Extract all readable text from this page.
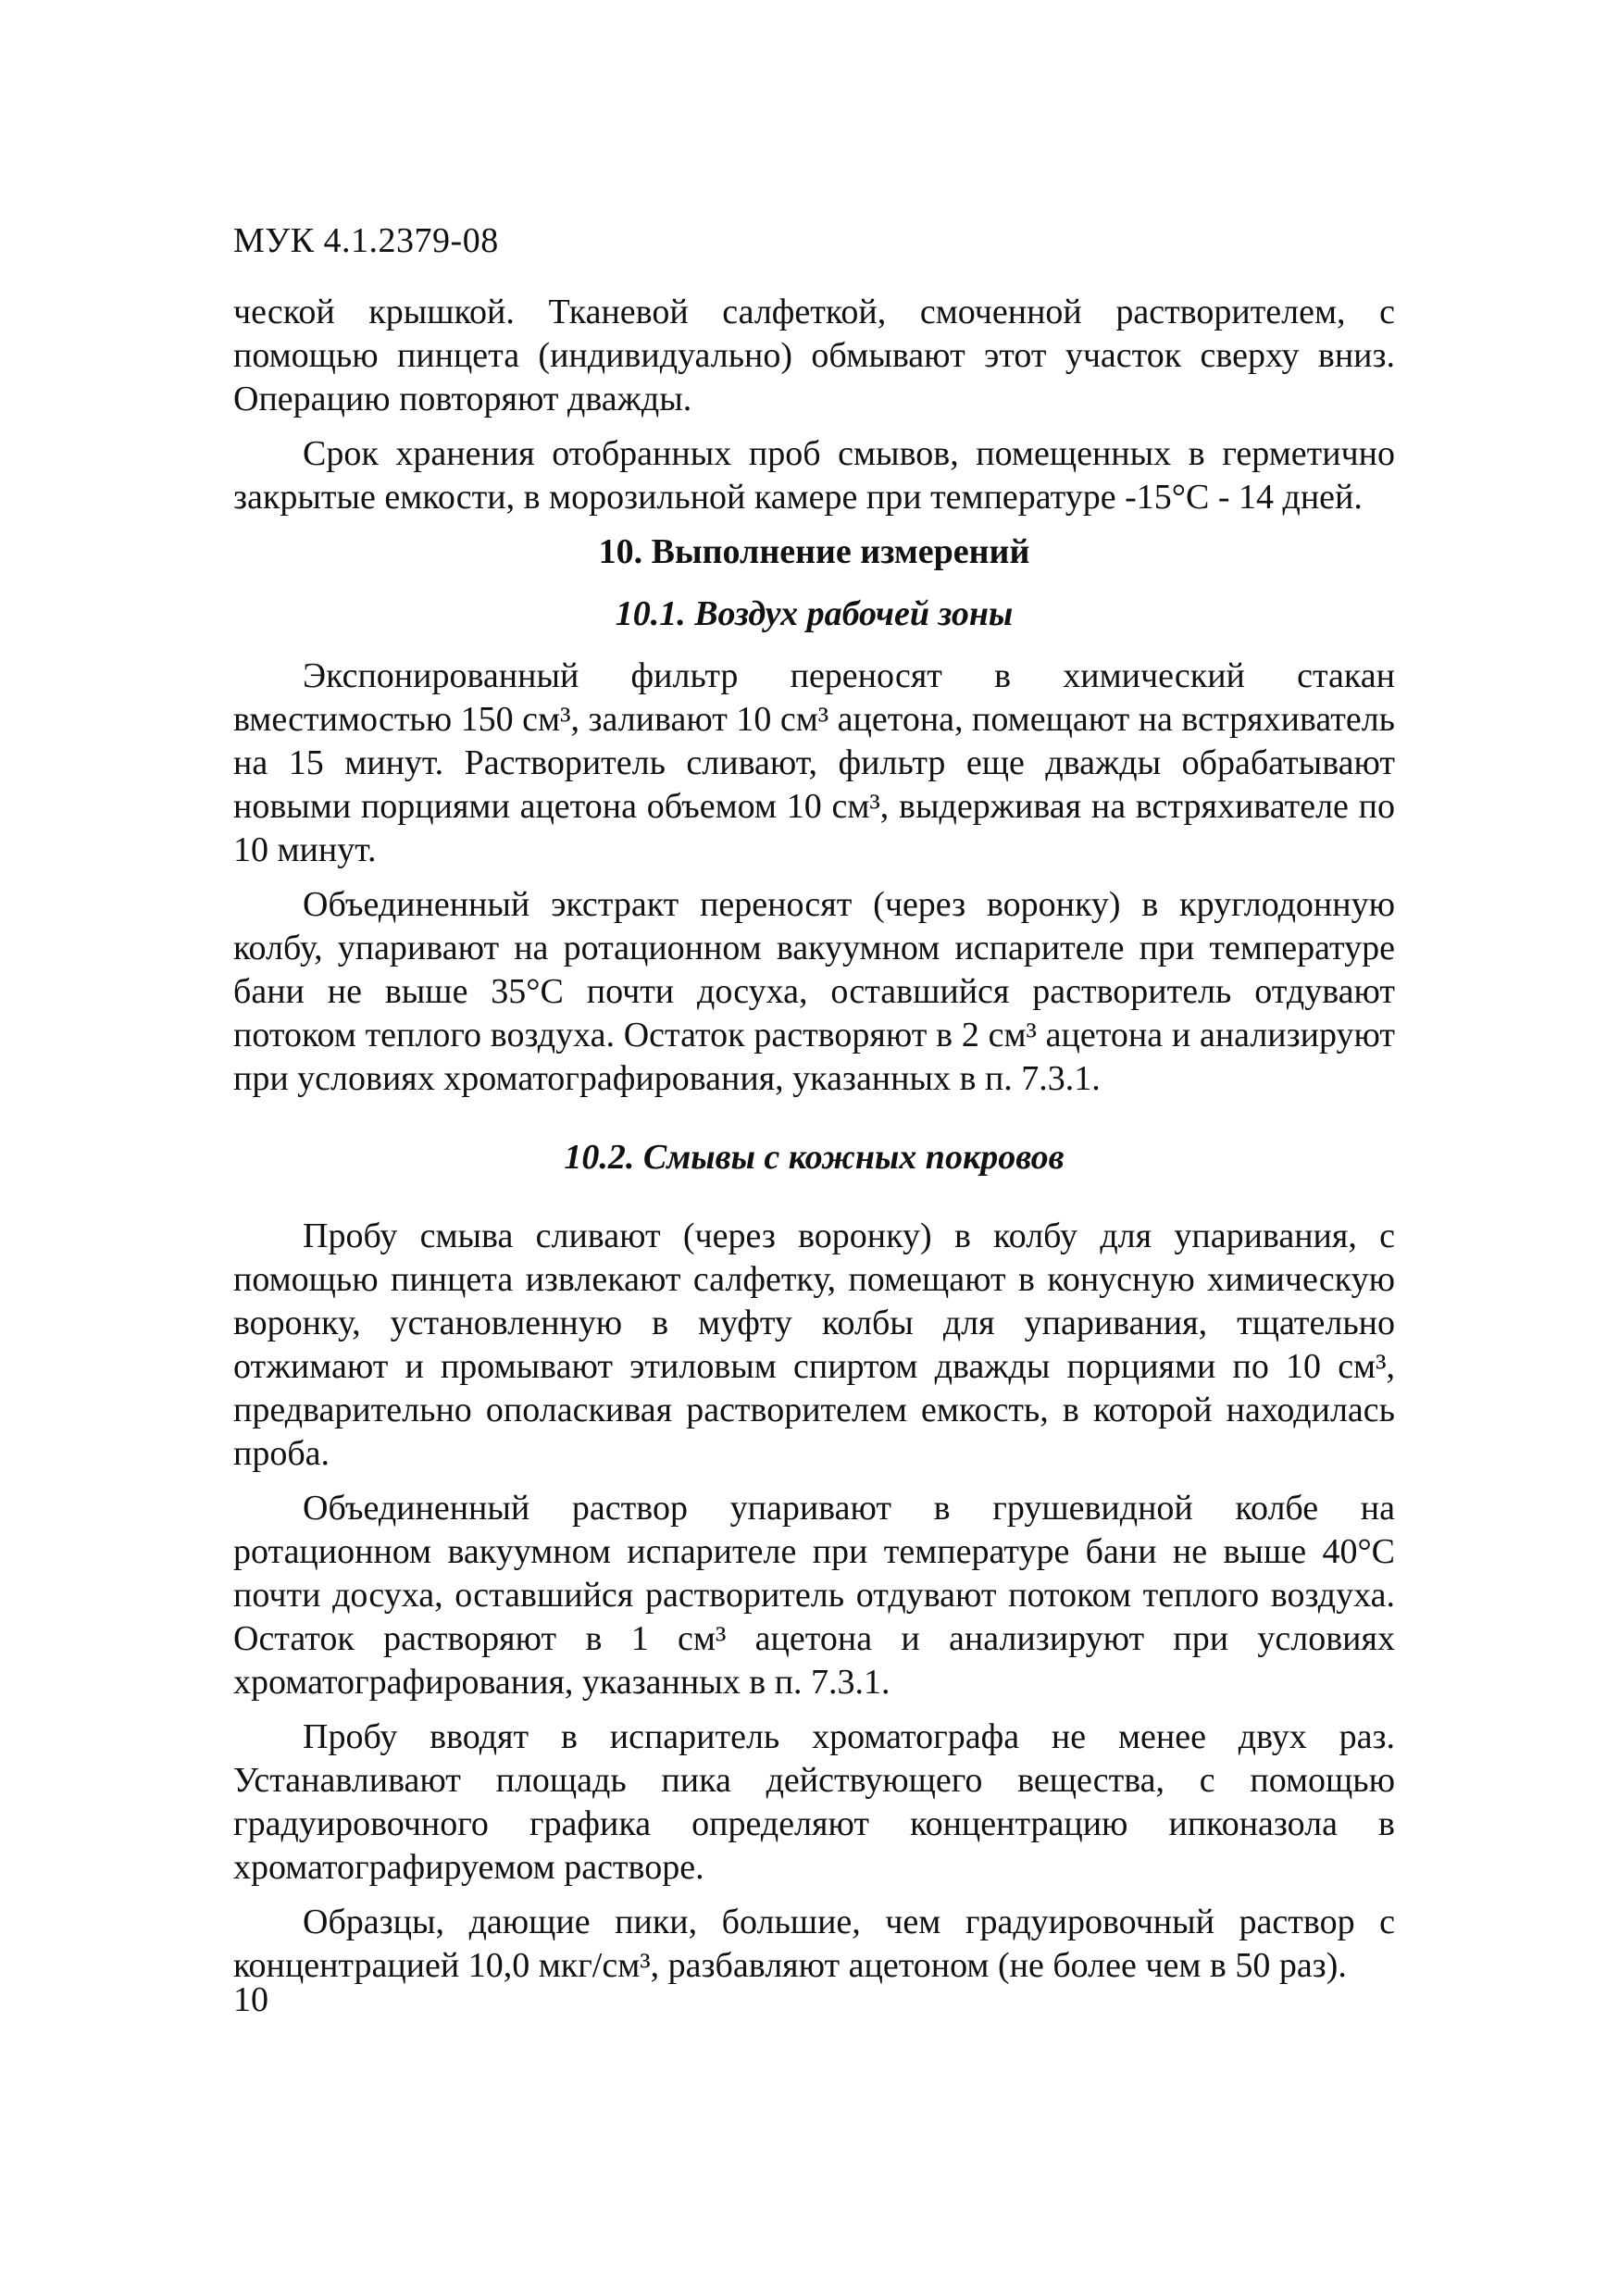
МУК 4.1.2379-08

ческой крышкой. Тканевой салфеткой, смоченной растворителем, с помощью пинцета (индивидуально) обмывают этот участок сверху вниз. Операцию повторяют дважды.

Срок хранения отобранных проб смывов, помещенных в герметично закрытые емкости, в морозильной камере при температуре -15°С - 14 дней.

10. Выполнение измерений
10.1. Воздух рабочей зоны

Экспонированный фильтр переносят в химический стакан вместимостью 150 см³, заливают 10 см³ ацетона, помещают на встряхиватель на 15 минут. Растворитель сливают, фильтр еще дважды обрабатывают новыми порциями ацетона объемом 10 см³, выдерживая на встряхивателе по 10 минут.

Объединенный экстракт переносят (через воронку) в круглодонную колбу, упаривают на ротационном вакуумном испарителе при температуре бани не выше 35°С почти досуха, оставшийся растворитель отдувают потоком теплого воздуха. Остаток растворяют в 2 см³ ацетона и анализируют при условиях хроматографирования, указанных в п. 7.3.1.

10.2. Смывы с кожных покровов

Пробу смыва сливают (через воронку) в колбу для упаривания, с помощью пинцета извлекают салфетку, помещают в конусную химическую воронку, установленную в муфту колбы для упаривания, тщательно отжимают и промывают этиловым спиртом дважды порциями по 10 см³, предварительно ополаскивая растворителем емкость, в которой находилась проба.

Объединенный раствор упаривают в грушевидной колбе на ротационном вакуумном испарителе при температуре бани не выше 40°С почти досуха, оставшийся растворитель отдувают потоком теплого воздуха. Остаток растворяют в 1 см³ ацетона и анализируют при условиях хроматографирования, указанных в п. 7.3.1.

Пробу вводят в испаритель хроматографа не менее двух раз. Устанавливают площадь пика действующего вещества, с помощью градуировочного графика определяют концентрацию ипконазола в хроматографируемом растворе.

Образцы, дающие пики, большие, чем градуировочный раствор с концентрацией 10,0 мкг/см³, разбавляют ацетоном (не более чем в 50 раз).

10
